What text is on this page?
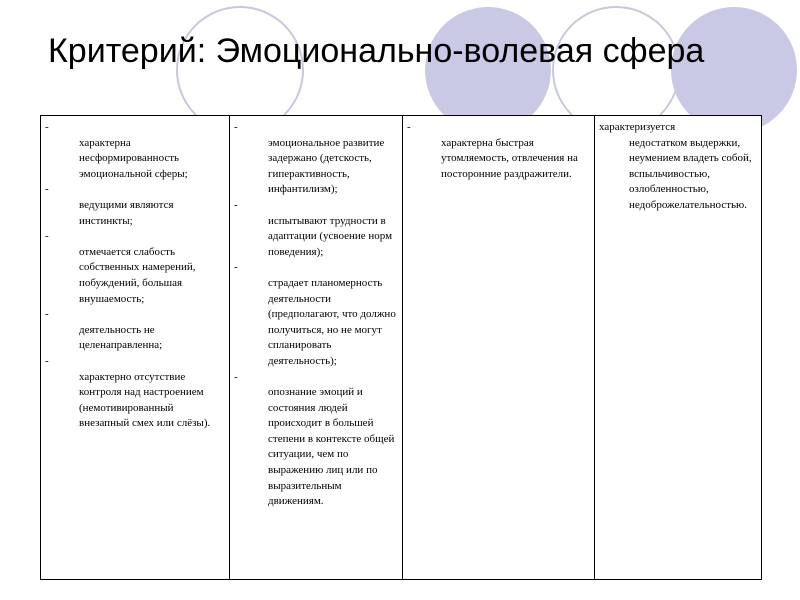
Критерий: Эмоционально-волевая сфера
-
характерна несформированность эмоциональной сферы;
-
ведущими являются инстинкты;
-
отмечается слабость собственных намерений, побуждений, большая внушаемость;
-
деятельность не целенаправленна;
-
характерно отсутствие контроля над настроением (немотивированный внезапный смех или слёзы).

-
эмоциональное развитие задержано (детскость, гиперактивность, инфантилизм);
-
испытывают трудности в адаптации (усвоение норм поведения);
-
страдает планомерность деятельности (предполагают, что должно получиться, но не могут спланировать деятельность);
-
опознание эмоций и состояния людей происходит в большей степени в контексте общей ситуации, чем по выражению лиц или по выразительным движениям.

-
характерна быстрая утомляемость, отвлечения на посторонние раздражители.

характеризуется
недостатком выдержки, неумением владеть собой, вспыльчивостью, озлобленностью, недоброжелательностью.
